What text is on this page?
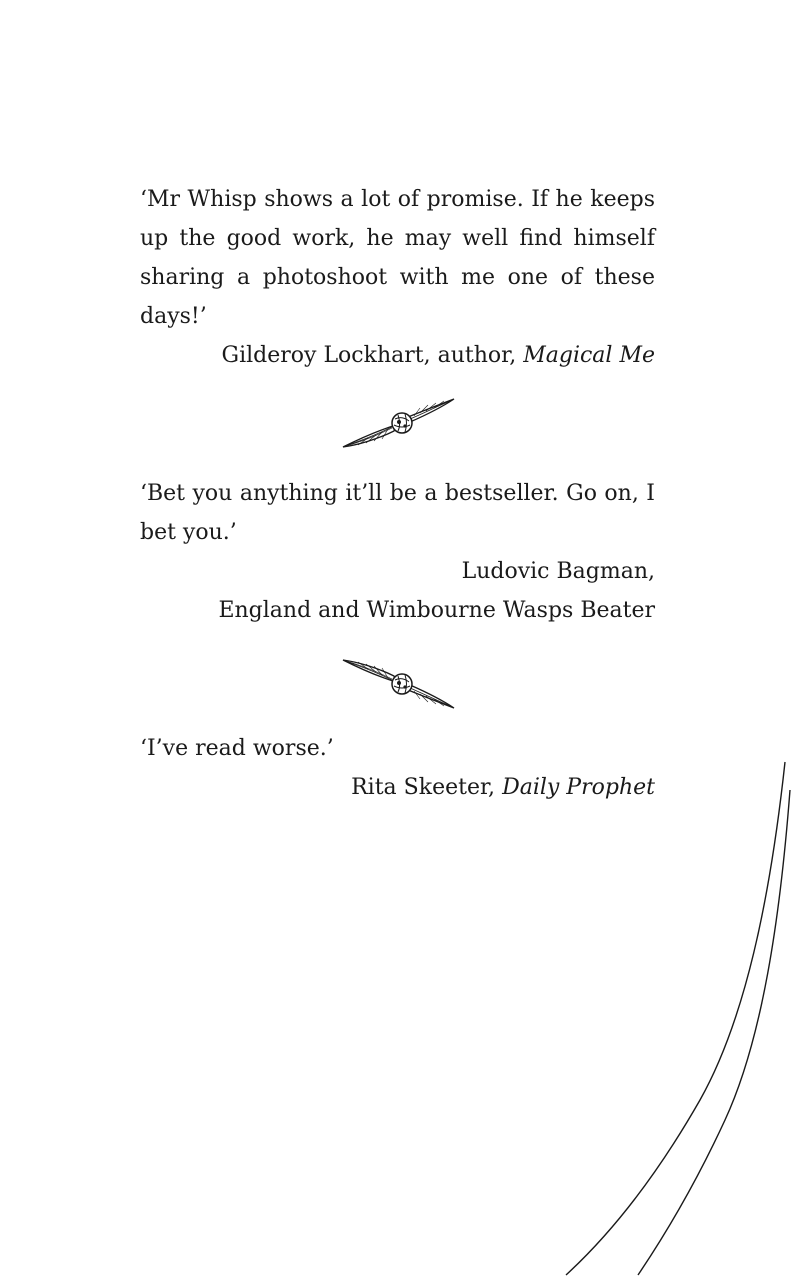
‘Mr Whisp shows a lot of promise. If he keeps up the good work, he may well find himself sharing a photoshoot with me one of these days!’
Gilderoy Lockhart, author, Magical Me
‘Bet you anything it’ll be a bestseller. Go on, I bet you.’
Ludovic Bagman,
England and Wimbourne Wasps Beater
‘I’ve read worse.’
Rita Skeeter, Daily Prophet
